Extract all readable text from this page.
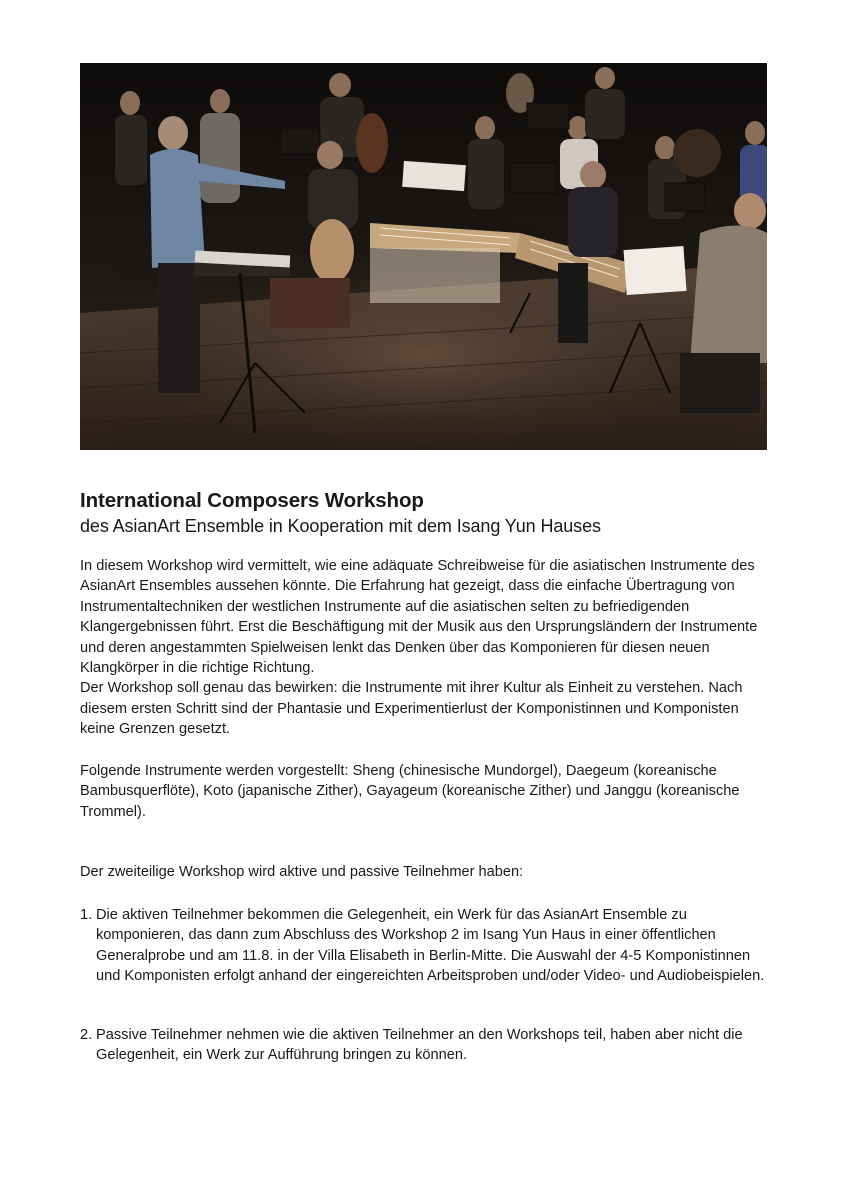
International Composers Workshop
des AsianArt Ensemble in Kooperation mit dem Isang Yun Hauses
In diesem Workshop wird vermittelt, wie eine adäquate Schreibweise für die asiatischen Instrumente des AsianArt Ensembles aussehen könnte. Die Erfahrung hat gezeigt, dass die einfache Übertragung von Instrumentaltechniken der westlichen Instrumente auf die asiatischen selten zu befriedigenden Klangergebnissen führt. Erst die Beschäftigung mit der Musik aus den Ursprungsländern der Instrumente und deren angestammten Spielweisen lenkt das Denken über das Komponieren für diesen neuen Klangkörper in die richtige Richtung.
Der Workshop soll genau das bewirken: die Instrumente mit ihrer Kultur als Einheit zu verstehen. Nach diesem ersten Schritt sind der Phantasie und Experimentierlust der Komponistinnen und Komponisten keine Grenzen gesetzt.

Folgende Instrumente werden vorgestellt: Sheng (chinesische Mundorgel), Daegeum (koreanische Bambusquerflöte), Koto (japanische Zither), Gayageum (koreanische Zither) und Janggu (koreanische Trommel).

Der zweiteilige Workshop wird aktive und passive Teilnehmer haben:

1. Die aktiven Teilnehmer bekommen die Gelegenheit, ein Werk für das AsianArt Ensemble zu komponieren, das dann zum Abschluss des Workshop 2 im Isang Yun Haus in einer öffentlichen Generalprobe und am 11.8. in der Villa Elisabeth in Berlin-Mitte. Die Auswahl der 4-5 Komponistinnen und Komponisten erfolgt anhand der eingereichten Arbeitsproben und/oder Video- und Audiobeispielen.
2. Passive Teilnehmer nehmen wie die aktiven Teilnehmer an den Workshops teil, haben aber nicht die Gelegenheit, ein Werk zur Aufführung bringen zu können.
